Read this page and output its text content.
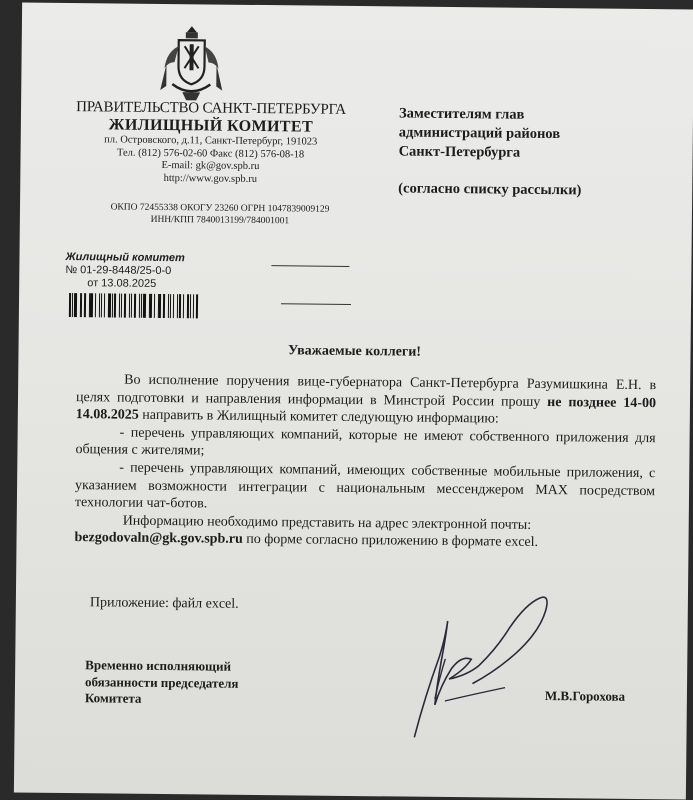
ПРАВИТЕЛЬСТВО САНКТ-ПЕТЕРБУРГА
ЖИЛИЩНЫЙ КОМИТЕТ
пл. Островского, д.11, Санкт-Петербург, 191023
Тел. (812) 576-02-60 Факс (812) 576-08-18
E-mail: gk@gov.spb.ru
http://www.gov.spb.ru
ОКПО 72455338 ОКОГУ 23260 ОГРН 1047839009129
ИНН/КПП 7840013199/784001001
Заместителям глав
администраций районов
Санкт-Петербурга
(согласно списку рассылки)
Жилищный комитет
№ 01-29-8448/25-0-0
от 13.08.2025
Уважаемые коллеги!

Во исполнение поручения вице-губернатора Санкт-Петербурга Разумишкина Е.Н. в целях подготовки и направления информации в Минстрой России прошу не позднее 14-00 14.08.2025 направить в Жилищный комитет следующую информацию:

- перечень управляющих компаний, которые не имеют собственного приложения для общения с жителями;

- перечень управляющих компаний, имеющих собственные мобильные приложения, с указанием возможности интеграции с национальным мессенджером MAX посредством технологии чат-ботов.

Информацию необходимо представить на адрес электронной почты:

bezgodovaln@gk.gov.spb.ru по форме согласно приложению в формате excel.

Приложение: файл excel.
Временно исполняющий
обязанности председателя
Комитета	М.В.Горохова
